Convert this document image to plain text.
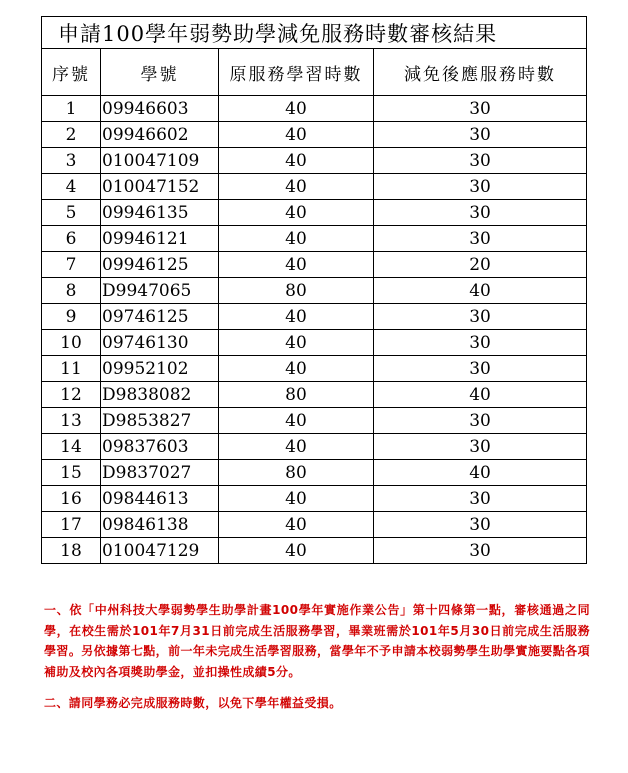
申請100學年弱勢助學減免服務時數審核結果			
序號	學號	原服務學習時數	減免後應服務時數
1	09946603	40	30
2	09946602	40	30
3	010047109	40	30
4	010047152	40	30
5	09946135	40	30
6	09946121	40	30
7	09946125	40	20
8	D9947065	80	40
9	09746125	40	30
10	09746130	40	30
11	09952102	40	30
12	D9838082	80	40
13	D9853827	40	30
14	09837603	40	30
15	D9837027	80	40
16	09844613	40	30
17	09846138	40	30
18	010047129	40	30

一、依「中州科技大學弱勢學生助學計畫100學年實施作業公告」第十四條第一點，審核通過之同學，在校生需於101年7月31日前完成生活服務學習，畢業班需於101年5月30日前完成生活服務學習。另依據第七點，前一年未完成生活學習服務，當學年不予申請本校弱勢學生助學實施要點各項補助及校內各項獎助學金，並扣操性成績5分。

二、請同學務必完成服務時數，以免下學年權益受損。
